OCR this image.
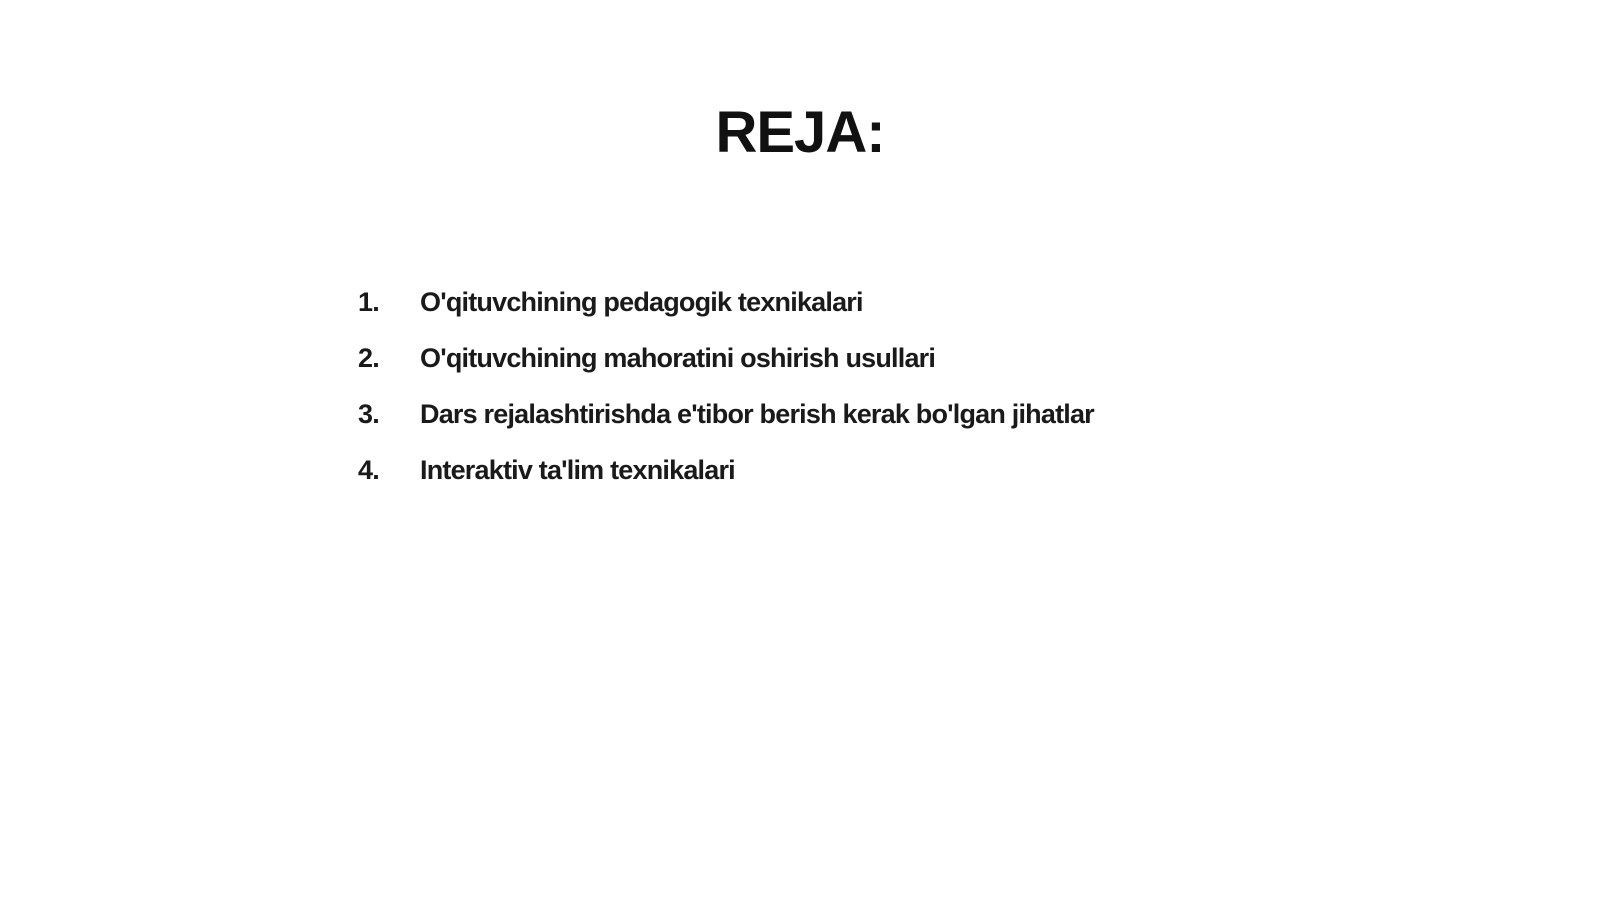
REJA:
1.	O'qituvchining pedagogik texnikalari
2.	O'qituvchining mahoratini oshirish usullari
3.	Dars rejalashtirishda e'tibor berish kerak bo'lgan jihatlar
4.	Interaktiv ta'lim texnikalari
